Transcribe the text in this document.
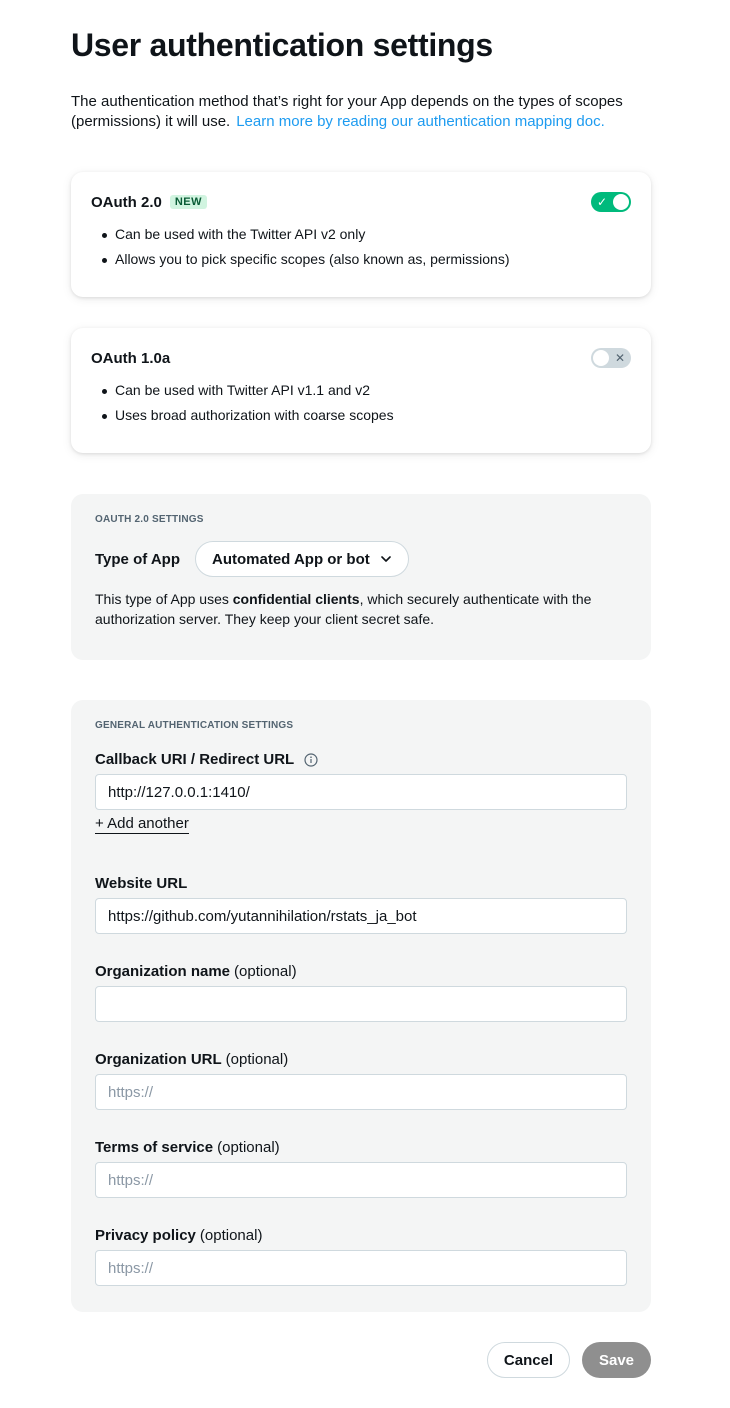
User authentication settings

The authentication method that’s right for your App depends on the types of scopes (permissions) it will use. Learn more by reading our authentication mapping doc.

OAuth 2.0	NEW	✓
Can be used with the Twitter API v2 only
Allows you to pick specific scopes (also known as, permissions)
OAuth 1.0a	✕
Can be used with Twitter API v1.1 and v2
Uses broad authorization with coarse scopes
OAUTH 2.0 SETTINGS
Type of App Automated App or bot

This type of App uses confidential clients, which securely authenticate with the authorization server. They keep your client secret safe.

GENERAL AUTHENTICATION SETTINGS
Callback URI / Redirect URL
http://127.0.0.1:1410/
+ Add another
Website URL
https://github.com/yutannihilation/rstats_ja_bot
Organization name (optional)
Organization URL (optional)
https://
Terms of service (optional)
https://
Privacy policy (optional)
https://
Cancel	Save
